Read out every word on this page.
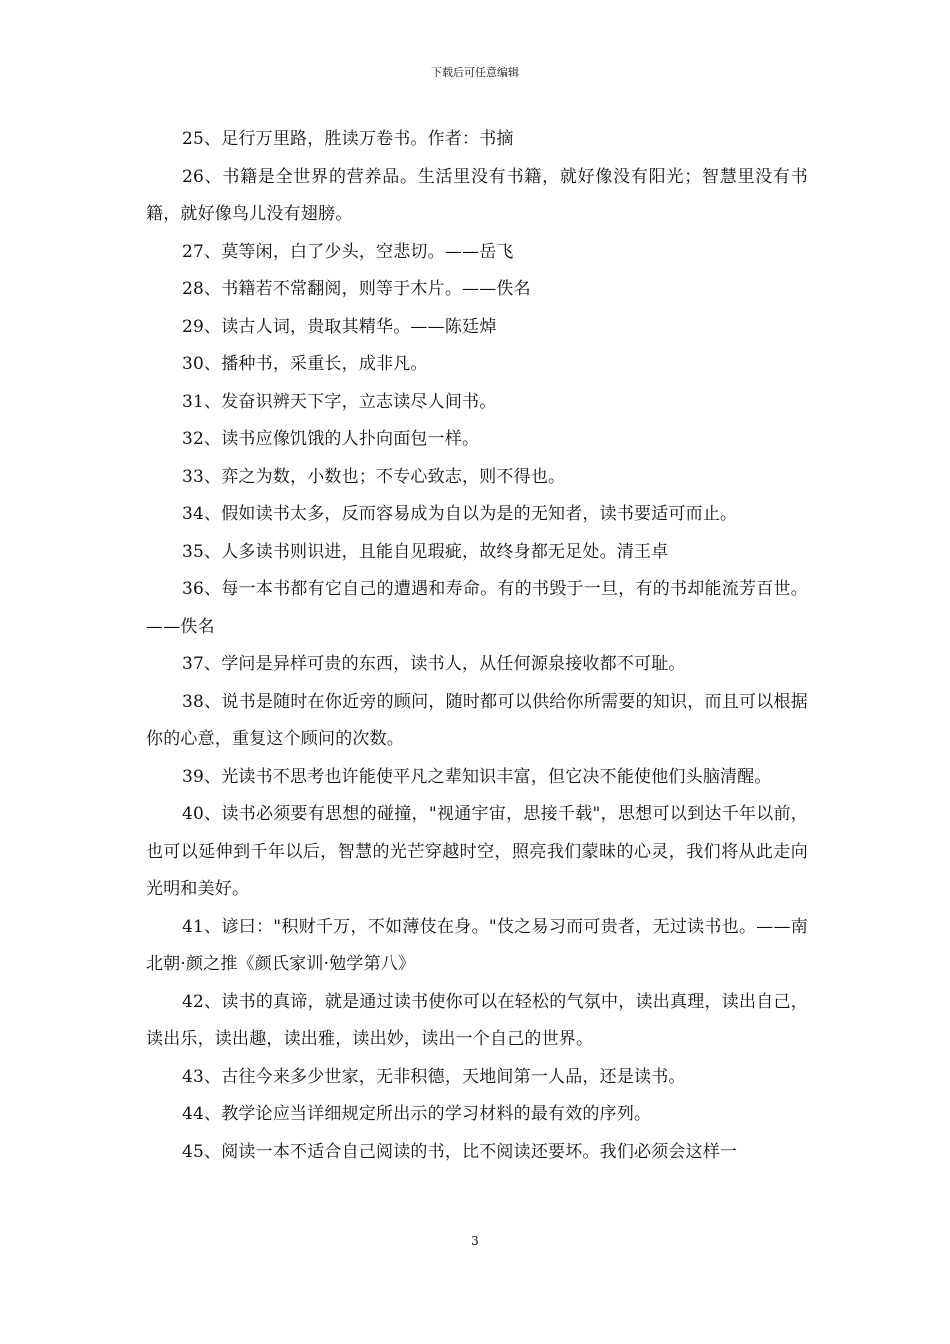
下载后可任意编辑

25、足行万里路，胜读万卷书。作者：书摘

26、书籍是全世界的营养品。生活里没有书籍，就好像没有阳光；智慧里没有书籍，就好像鸟儿没有翅膀。

27、莫等闲，白了少头，空悲切。——岳飞

28、书籍若不常翻阅，则等于木片。——佚名

29、读古人词，贵取其精华。——陈廷焯

30、播种书，采重长，成非凡。

31、发奋识辨天下字，立志读尽人间书。

32、读书应像饥饿的人扑向面包一样。

33、弈之为数，小数也；不专心致志，则不得也。

34、假如读书太多，反而容易成为自以为是的无知者，读书要适可而止。

35、人多读书则识进，且能自见瑕疵，故终身都无足处。清王卓

36、每一本书都有它自己的遭遇和寿命。有的书毁于一旦，有的书却能流芳百世。——佚名

37、学问是异样可贵的东西，读书人，从任何源泉接收都不可耻。

38、说书是随时在你近旁的顾问，随时都可以供给你所需要的知识，而且可以根据你的心意，重复这个顾问的次数。

39、光读书不思考也许能使平凡之辈知识丰富，但它决不能使他们头脑清醒。

40、读书必须要有思想的碰撞，"视通宇宙，思接千载"，思想可以到达千年以前，也可以延伸到千年以后，智慧的光芒穿越时空，照亮我们蒙昧的心灵，我们将从此走向光明和美好。

41、谚曰："积财千万，不如薄伎在身。"伎之易习而可贵者，无过读书也。——南北朝·颜之推《颜氏家训·勉学第八》

42、读书的真谛，就是通过读书使你可以在轻松的气氛中，读出真理，读出自己，读出乐，读出趣，读出雅，读出妙，读出一个自己的世界。

43、古往今来多少世家，无非积德，天地间第一人品，还是读书。

44、教学论应当详细规定所出示的学习材料的最有效的序列。

45、阅读一本不适合自己阅读的书，比不阅读还要坏。我们必须会这样一

3
